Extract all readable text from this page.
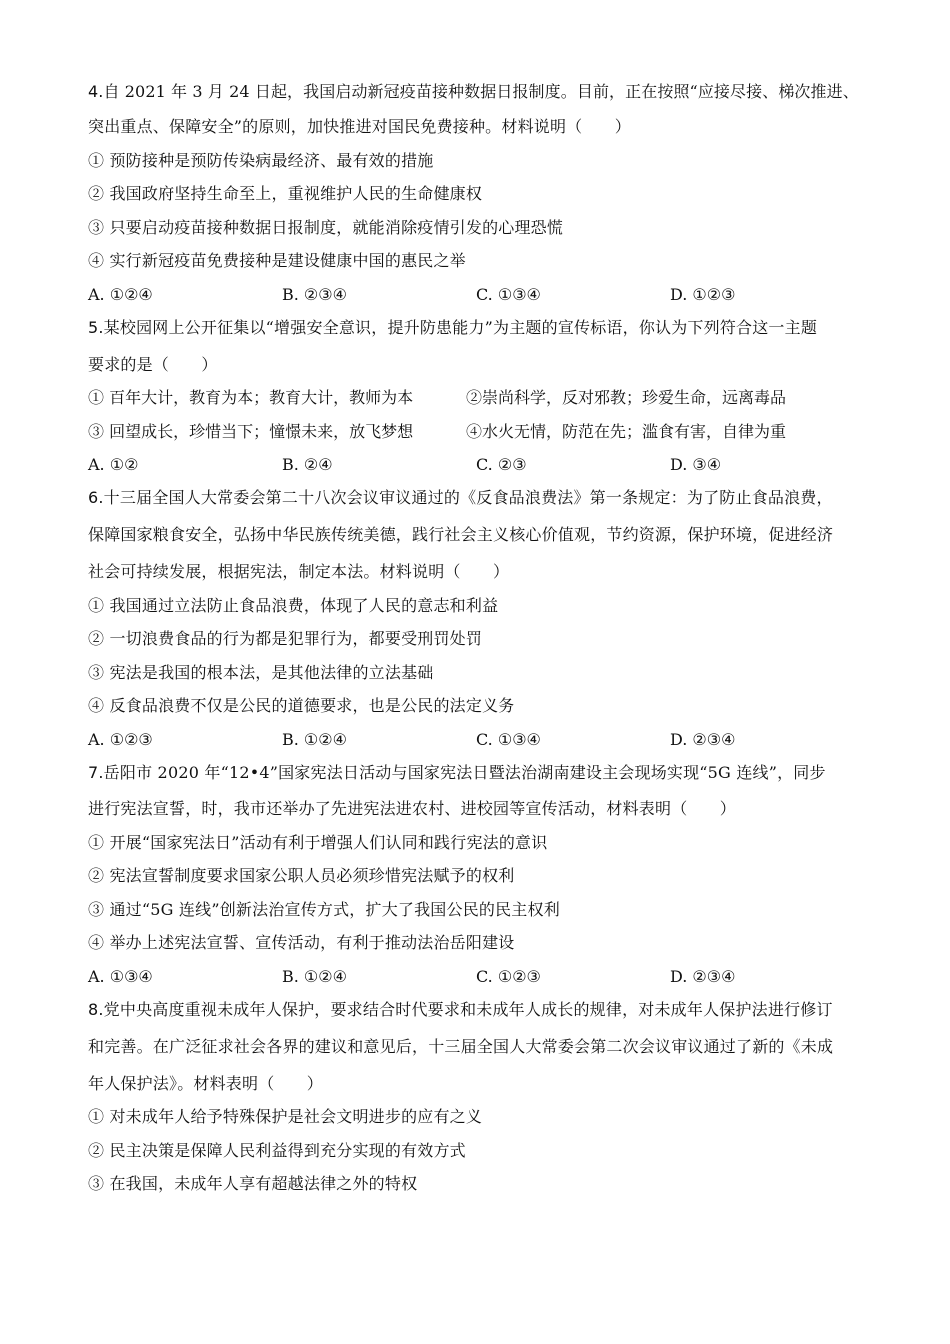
4.自 2021 年 3 月 24 日起，我国启动新冠疫苗接种数据日报制度。目前，正在按照“应接尽接、梯次推进、
突出重点、保障安全”的原则，加快推进对国民免费接种。材料说明（　　）
① 预防接种是预防传染病最经济、最有效的措施
② 我国政府坚持生命至上，重视维护人民的生命健康权
③ 只要启动疫苗接种数据日报制度，就能消除疫情引发的心理恐慌
④ 实行新冠疫苗免费接种是建设健康中国的惠民之举
A. ①②④	B. ②③④	C. ①③④	D. ①②③
5.某校园网上公开征集以“增强安全意识，提升防患能力”为主题的宣传标语，你认为下列符合这一主题
要求的是（　　）
① 百年大计，教育为本；教育大计，教师为本	②崇尚科学，反对邪教；珍爱生命，远离毒品
③ 回望成长，珍惜当下；憧憬未来，放飞梦想	④水火无情，防范在先；滥食有害，自律为重
A. ①②	B. ②④	C. ②③	D. ③④
6.十三届全国人大常委会第二十八次会议审议通过的《反食品浪费法》第一条规定：为了防止食品浪费，
保障国家粮食安全，弘扬中华民族传统美德，践行社会主义核心价值观，节约资源，保护环境，促进经济
社会可持续发展，根据宪法，制定本法。材料说明（　　）
① 我国通过立法防止食品浪费，体现了人民的意志和利益
② 一切浪费食品的行为都是犯罪行为，都要受刑罚处罚
③ 宪法是我国的根本法，是其他法律的立法基础
④ 反食品浪费不仅是公民的道德要求，也是公民的法定义务
A. ①②③	B. ①②④	C. ①③④	D. ②③④
7.岳阳市 2020 年“12•4”国家宪法日活动与国家宪法日暨法治湖南建设主会现场实现“5G 连线”，同步
进行宪法宣誓，时，我市还举办了先进宪法进农村、进校园等宣传活动，材料表明（　　）
① 开展“国家宪法日”活动有利于增强人们认同和践行宪法的意识
② 宪法宣誓制度要求国家公职人员必须珍惜宪法赋予的权利
③ 通过“5G 连线”创新法治宣传方式，扩大了我国公民的民主权利
④ 举办上述宪法宣誓、宣传活动，有利于推动法治岳阳建设
A. ①③④	B. ①②④	C. ①②③	D. ②③④
8.党中央高度重视未成年人保护，要求结合时代要求和未成年人成长的规律，对未成年人保护法进行修订
和完善。在广泛征求社会各界的建议和意见后，十三届全国人大常委会第二次会议审议通过了新的《未成
年人保护法》。材料表明（　　）
① 对未成年人给予特殊保护是社会文明进步的应有之义
② 民主决策是保障人民利益得到充分实现的有效方式
③ 在我国，未成年人享有超越法律之外的特权
